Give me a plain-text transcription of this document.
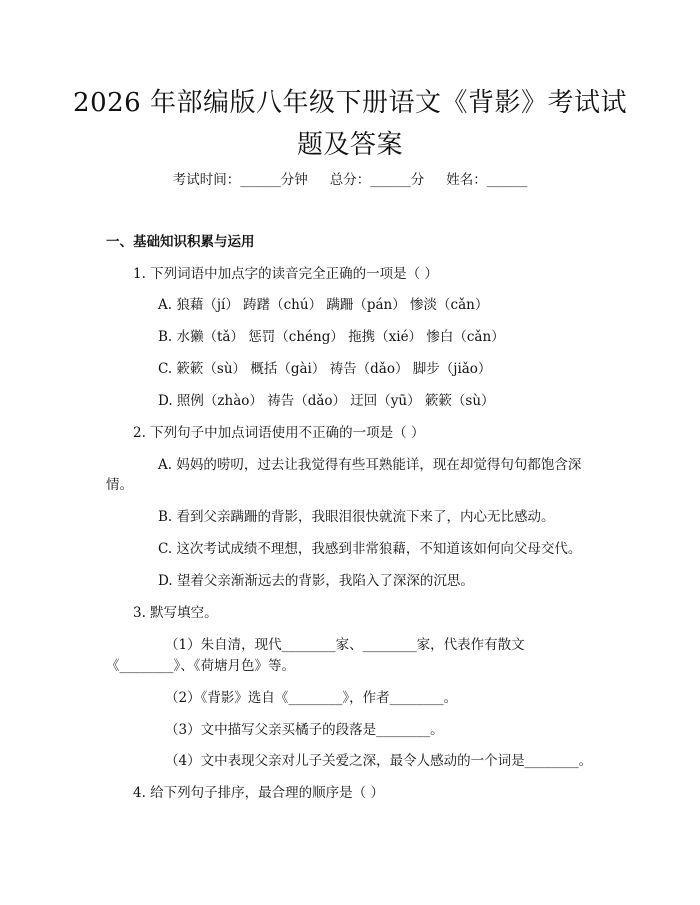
2026 年部编版八年级下册语文《背影》考试试题及答案
考试时间：______分钟 总分：______分 姓名：______
一、基础知识积累与运用
1. 下列词语中加点字的读音完全正确的一项是（ ）
A. 狼藉（jí） 踌躇（chú） 蹒跚（pán） 惨淡（cǎn）
B. 水獭（tǎ） 惩罚（chéng） 拖携（xié） 惨白（cǎn）
C. 簌簌（sù） 概括（gài） 祷告（dǎo） 脚步（jiǎo）
D. 照例（zhào） 祷告（dǎo） 迂回（yū） 簌簌（sù）
2. 下列句子中加点词语使用不正确的一项是（ ）
A. 妈妈的唠叨，过去让我觉得有些耳熟能详，现在却觉得句句都饱含深
情。
B. 看到父亲蹒跚的背影，我眼泪很快就流下来了，内心无比感动。
C. 这次考试成绩不理想，我感到非常狼藉，不知道该如何向父母交代。
D. 望着父亲渐渐远去的背影，我陷入了深深的沉思。
3. 默写填空。
（1）朱自清，现代________家、________家，代表作有散文
《________》、《荷塘月色》等。
（2）《背影》选自《________》，作者________。
（3）文中描写父亲买橘子的段落是________。
（4）文中表现父亲对儿子关爱之深，最令人感动的一个词是________。
4. 给下列句子排序，最合理的顺序是（ ）
